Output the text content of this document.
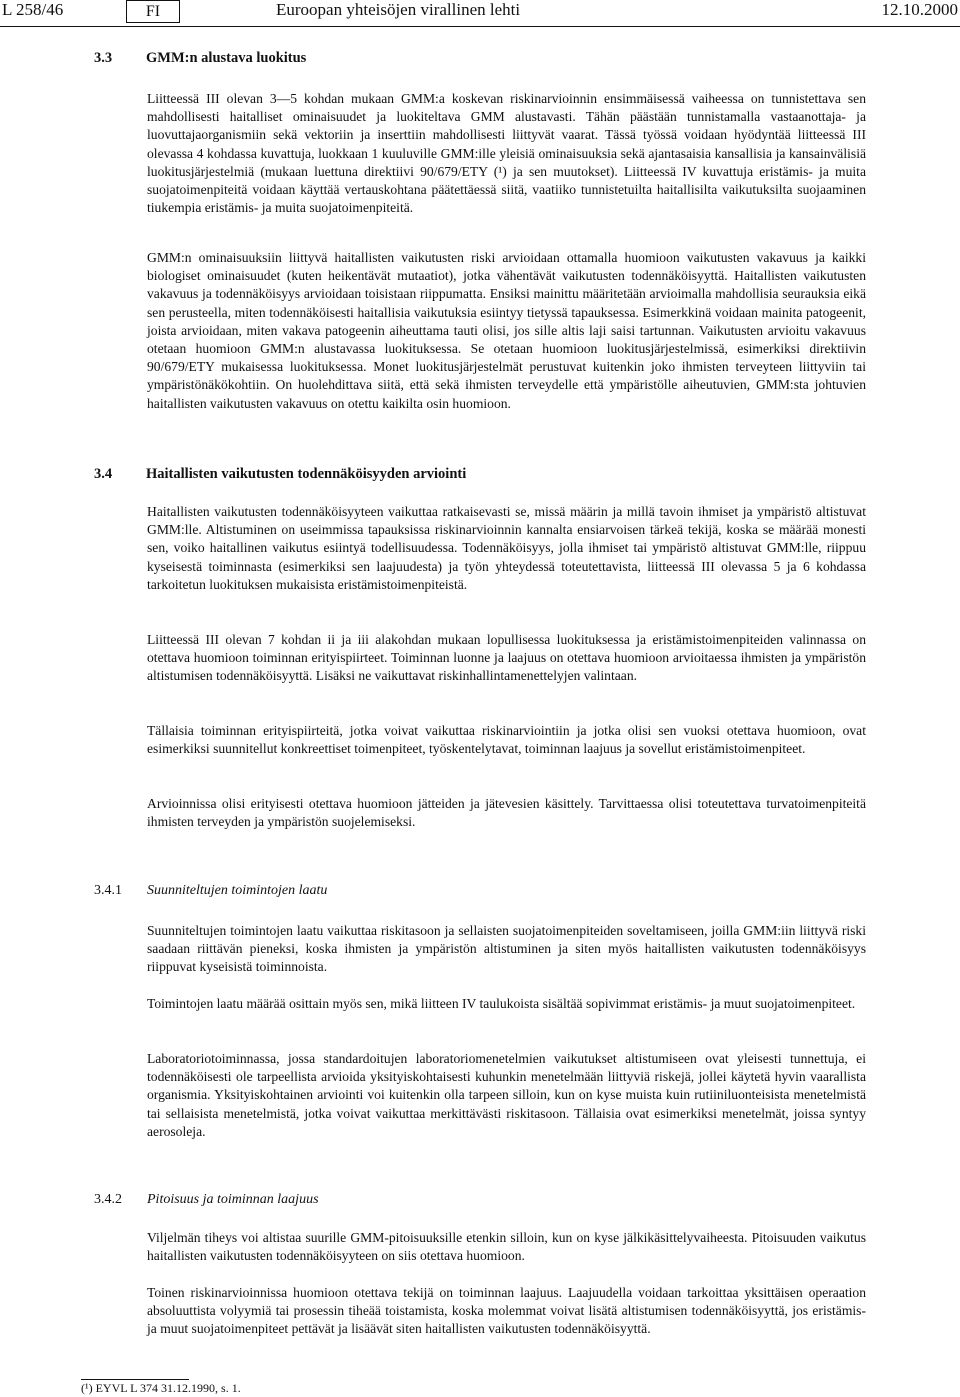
L 258/46	FI	Euroopan yhteisöjen virallinen lehti	12.10.2000
3.3 GMM:n alustava luokitus

Liitteessä III olevan 3—5 kohdan mukaan GMM:a koskevan riskinarvioinnin ensimmäisessä vaiheessa on tunnistettava sen mahdollisesti haitalliset ominaisuudet ja luokiteltava GMM alustavasti. Tähän päästään tunnistamalla vastaanottaja- ja luovuttajaorganismiin sekä vektoriin ja inserttiin mahdollisesti liittyvät vaarat. Tässä työssä voidaan hyödyntää liitteessä III olevassa 4 kohdassa kuvattuja, luokkaan 1 kuuluville GMM:ille yleisiä ominaisuuksia sekä ajantasaisia kansallisia ja kansainvälisiä luokitusjärjestelmiä (mukaan luettuna direktiivi 90/679/ETY (¹) ja sen muutokset). Liitteessä IV kuvattuja eristämis- ja muita suojatoimenpiteitä voidaan käyttää vertauskohtana päätettäessä siitä, vaatiiko tunnistetuilta haitallisilta vaikutuksilta suojaaminen tiukempia eristämis- ja muita suojatoimenpiteitä.

GMM:n ominaisuuksiin liittyvä haitallisten vaikutusten riski arvioidaan ottamalla huomioon vaikutusten vakavuus ja kaikki biologiset ominaisuudet (kuten heikentävät mutaatiot), jotka vähentävät vaikutusten todennäköisyyttä. Haitallisten vaikutusten vakavuus ja todennäköisyys arvioidaan toisistaan riippumatta. Ensiksi mainittu määritetään arvioimalla mahdollisia seurauksia eikä sen perusteella, miten todennäköisesti haitallisia vaikutuksia esiintyy tietyssä tapauksessa. Esimerkkinä voidaan mainita patogeenit, joista arvioidaan, miten vakava patogeenin aiheuttama tauti olisi, jos sille altis laji saisi tartunnan. Vaikutusten arvioitu vakavuus otetaan huomioon GMM:n alustavassa luokituksessa. Se otetaan huomioon luokitusjärjestelmissä, esimerkiksi direktiivin 90/679/ETY mukaisessa luokituksessa. Monet luokitusjärjestelmät perustuvat kuitenkin joko ihmisten terveyteen liittyviin tai ympäristönäkökohtiin. On huolehdittava siitä, että sekä ihmisten terveydelle että ympäristölle aiheutuvien, GMM:sta johtuvien haitallisten vaikutusten vakavuus on otettu kaikilta osin huomioon.

3.4 Haitallisten vaikutusten todennäköisyyden arviointi

Haitallisten vaikutusten todennäköisyyteen vaikuttaa ratkaisevasti se, missä määrin ja millä tavoin ihmiset ja ympäristö altistuvat GMM:lle. Altistuminen on useimmissa tapauksissa riskinarvioinnin kannalta ensiarvoisen tärkeä tekijä, koska se määrää monesti sen, voiko haitallinen vaikutus esiintyä todellisuudessa. Todennäköisyys, jolla ihmiset tai ympäristö altistuvat GMM:lle, riippuu kyseisestä toiminnasta (esimerkiksi sen laajuudesta) ja työn yhteydessä toteutettavista, liitteessä III olevassa 5 ja 6 kohdassa tarkoitetun luokituksen mukaisista eristämistoimenpiteistä.

Liitteessä III olevan 7 kohdan ii ja iii alakohdan mukaan lopullisessa luokituksessa ja eristämistoimenpiteiden valinnassa on otettava huomioon toiminnan erityispiirteet. Toiminnan luonne ja laajuus on otettava huomioon arvioitaessa ihmisten ja ympäristön altistumisen todennäköisyyttä. Lisäksi ne vaikuttavat riskinhallintamenettelyjen valintaan.

Tällaisia toiminnan erityispiirteitä, jotka voivat vaikuttaa riskinarviointiin ja jotka olisi sen vuoksi otettava huomioon, ovat esimerkiksi suunnitellut konkreettiset toimenpiteet, työskentelytavat, toiminnan laajuus ja sovellut eristämistoimenpiteet.

Arvioinnissa olisi erityisesti otettava huomioon jätteiden ja jätevesien käsittely. Tarvittaessa olisi toteutettava turvatoimenpiteitä ihmisten terveyden ja ympäristön suojelemiseksi.

3.4.1 Suunniteltujen toimintojen laatu

Suunniteltujen toimintojen laatu vaikuttaa riskitasoon ja sellaisten suojatoimenpiteiden soveltamiseen, joilla GMM:iin liittyvä riski saadaan riittävän pieneksi, koska ihmisten ja ympäristön altistuminen ja siten myös haitallisten vaikutusten todennäköisyys riippuvat kyseisistä toiminnoista.

Toimintojen laatu määrää osittain myös sen, mikä liitteen IV taulukoista sisältää sopivimmat eristämis- ja muut suojatoimenpiteet.

Laboratoriotoiminnassa, jossa standardoitujen laboratoriomenetelmien vaikutukset altistumiseen ovat yleisesti tunnettuja, ei todennäköisesti ole tarpeellista arvioida yksityiskohtaisesti kuhunkin menetelmään liittyviä riskejä, jollei käytetä hyvin vaarallista organismia. Yksityiskohtainen arviointi voi kuitenkin olla tarpeen silloin, kun on kyse muista kuin rutiiniluonteisista menetelmistä tai sellaisista menetelmistä, jotka voivat vaikuttaa merkittävästi riskitasoon. Tällaisia ovat esimerkiksi menetelmät, joissa syntyy aerosoleja.

3.4.2 Pitoisuus ja toiminnan laajuus

Viljelmän tiheys voi altistaa suurille GMM-pitoisuuksille etenkin silloin, kun on kyse jälkikäsittelyvaiheesta. Pitoisuuden vaikutus haitallisten vaikutusten todennäköisyyteen on siis otettava huomioon.

Toinen riskinarvioinnissa huomioon otettava tekijä on toiminnan laajuus. Laajuudella voidaan tarkoittaa yksittäisen operaation absoluuttista volyymiä tai prosessin tiheää toistamista, koska molemmat voivat lisätä altistumisen todennäköisyyttä, jos eristämis- ja muut suojatoimenpiteet pettävät ja lisäävät siten haitallisten vaikutusten todennäköisyyttä.

(¹) EYVL L 374 31.12.1990, s. 1.
